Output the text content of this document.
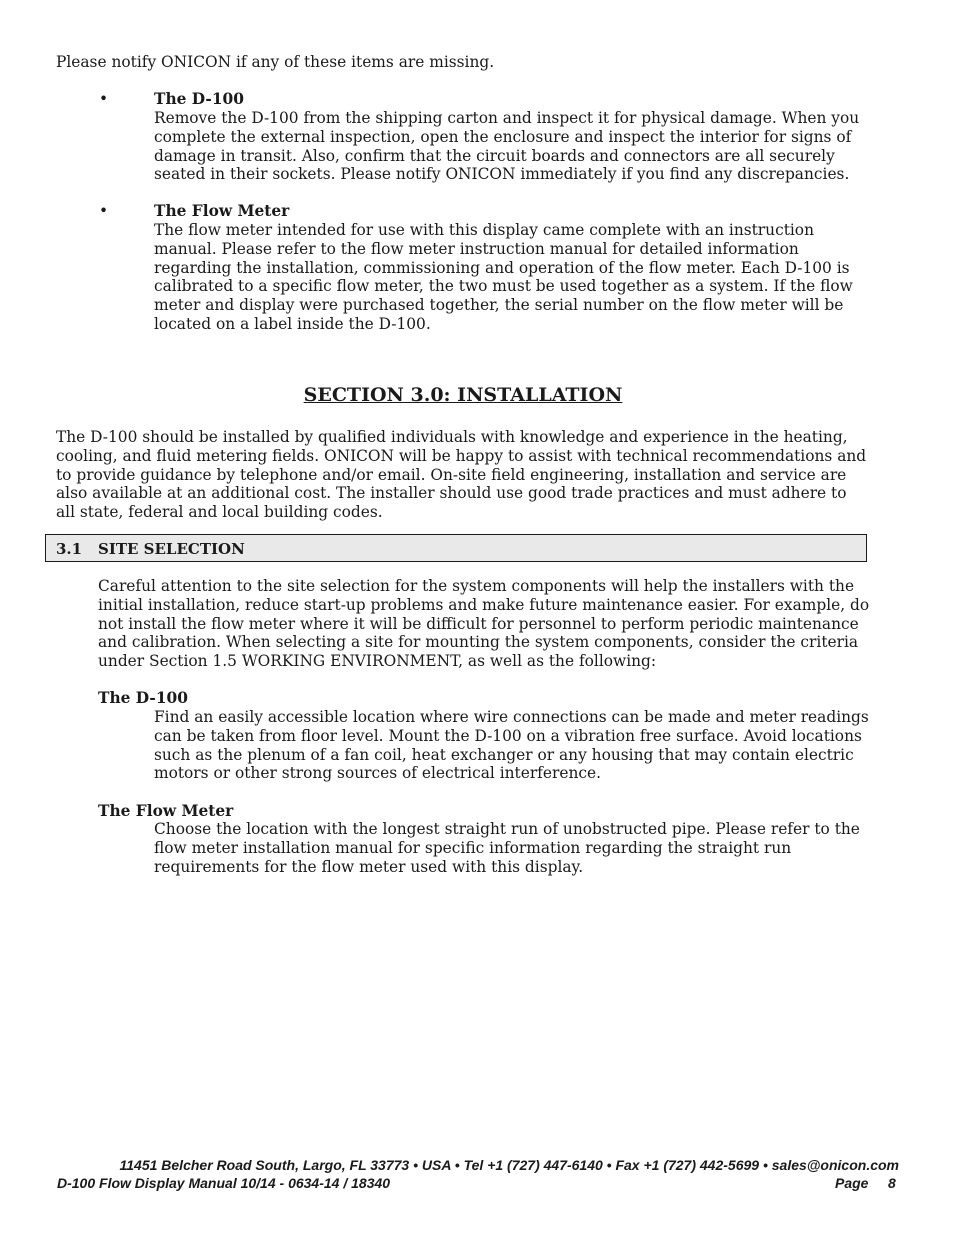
Please notify ONICON if any of these items are missing.

•	The D-100

Remove the D-100 from the shipping carton and inspect it for physical damage. When you complete the external inspection, open the enclosure and inspect the interior for signs of damage in transit. Also, confirm that the circuit boards and connectors are all securely seated in their sockets. Please notify ONICON immediately if you find any discrepancies.

•	The Flow Meter

The flow meter intended for use with this display came complete with an instruction manual. Please refer to the flow meter instruction manual for detailed information regarding the installation, commissioning and operation of the flow meter. Each D-100 is calibrated to a specific flow meter, the two must be used together as a system. If the flow meter and display were purchased together, the serial number on the flow meter will be located on a label inside the D-100.

SECTION 3.0: INSTALLATION

The D-100 should be installed by qualified individuals with knowledge and experience in the heating, cooling, and fluid metering fields. ONICON will be happy to assist with technical recommendations and to provide guidance by telephone and/or email. On-site field engineering, installation and service are also available at an additional cost. The installer should use good trade practices and must adhere to all state, federal and local building codes.

3.1 SITE SELECTION

Careful attention to the site selection for the system components will help the installers with the initial installation, reduce start-up problems and make future maintenance easier. For example, do not install the flow meter where it will be difficult for personnel to perform periodic maintenance and calibration. When selecting a site for mounting the system components, consider the criteria under Section 1.5 WORKING ENVIRONMENT, as well as the following:

The D-100

Find an easily accessible location where wire connections can be made and meter readings can be taken from floor level. Mount the D-100 on a vibration free surface. Avoid locations such as the plenum of a fan coil, heat exchanger or any housing that may contain electric motors or other strong sources of electrical interference.

The Flow Meter

Choose the location with the longest straight run of unobstructed pipe. Please refer to the flow meter installation manual for specific information regarding the straight run requirements for the flow meter used with this display.

11451 Belcher Road South, Largo, FL 33773 • USA • Tel +1 (727) 447-6140 • Fax +1 (727) 442-5699 • sales@onicon.com
D-100 Flow Display Manual 10/14 - 0634-14 / 18340	Page 8
